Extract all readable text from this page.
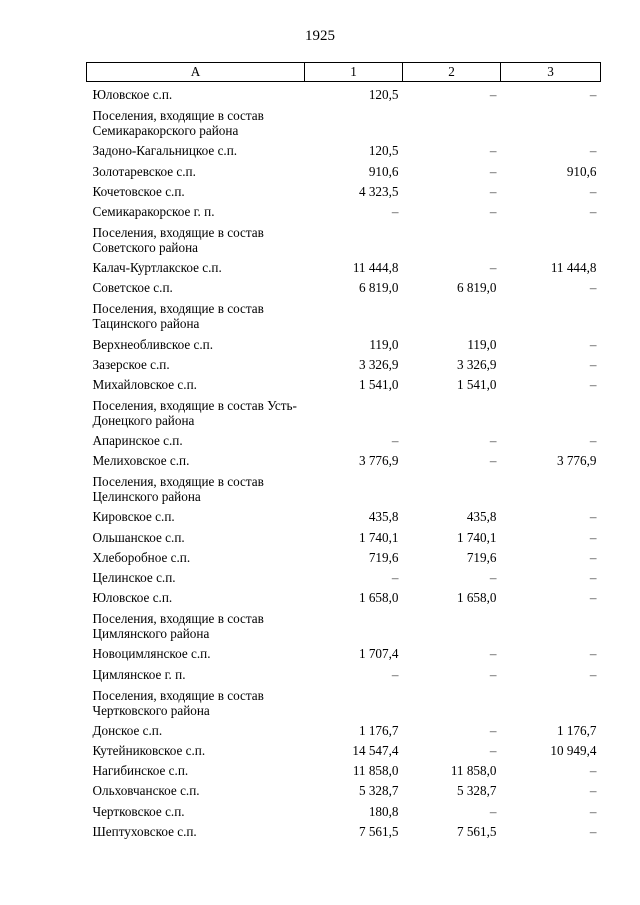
1925
А	1	2	3
Юловское с.п.	120,5	–	–
Поселения, входящие в состав Семикаракорского района			
Задоно-Кагальницкое с.п.	120,5	–	–
Золотаревское с.п.	910,6	–	910,6
Кочетовское с.п.	4 323,5	–	–
Семикаракорское г. п.	–	–	–
Поселения, входящие в состав Советского района			
Калач-Куртлакское с.п.	11 444,8	–	11 444,8
Советское с.п.	6 819,0	6 819,0	–
Поселения, входящие в состав Тацинского района			
Верхнеобливское с.п.	119,0	119,0	–
Зазерское с.п.	3 326,9	3 326,9	–
Михайловское с.п.	1 541,0	1 541,0	–
Поселения, входящие в состав Усть-Донецкого района			
Апаринское с.п.	–	–	–
Мелиховское с.п.	3 776,9	–	3 776,9
Поселения, входящие в состав Целинского района			
Кировское с.п.	435,8	435,8	–
Ольшанское с.п.	1 740,1	1 740,1	–
Хлеборобное с.п.	719,6	719,6	–
Целинское с.п.	–	–	–
Юловское с.п.	1 658,0	1 658,0	–
Поселения, входящие в состав Цимлянского района			
Новоцимлянское с.п.	1 707,4	–	–
Цимлянское г. п.	–	–	–
Поселения, входящие в состав Чертковского района			
Донское с.п.	1 176,7	–	1 176,7
Кутейниковское с.п.	14 547,4	–	10 949,4
Нагибинское с.п.	11 858,0	11 858,0	–
Ольховчанское с.п.	5 328,7	5 328,7	–
Чертковское с.п.	180,8	–	–
Шептуховское с.п.	7 561,5	7 561,5	–
